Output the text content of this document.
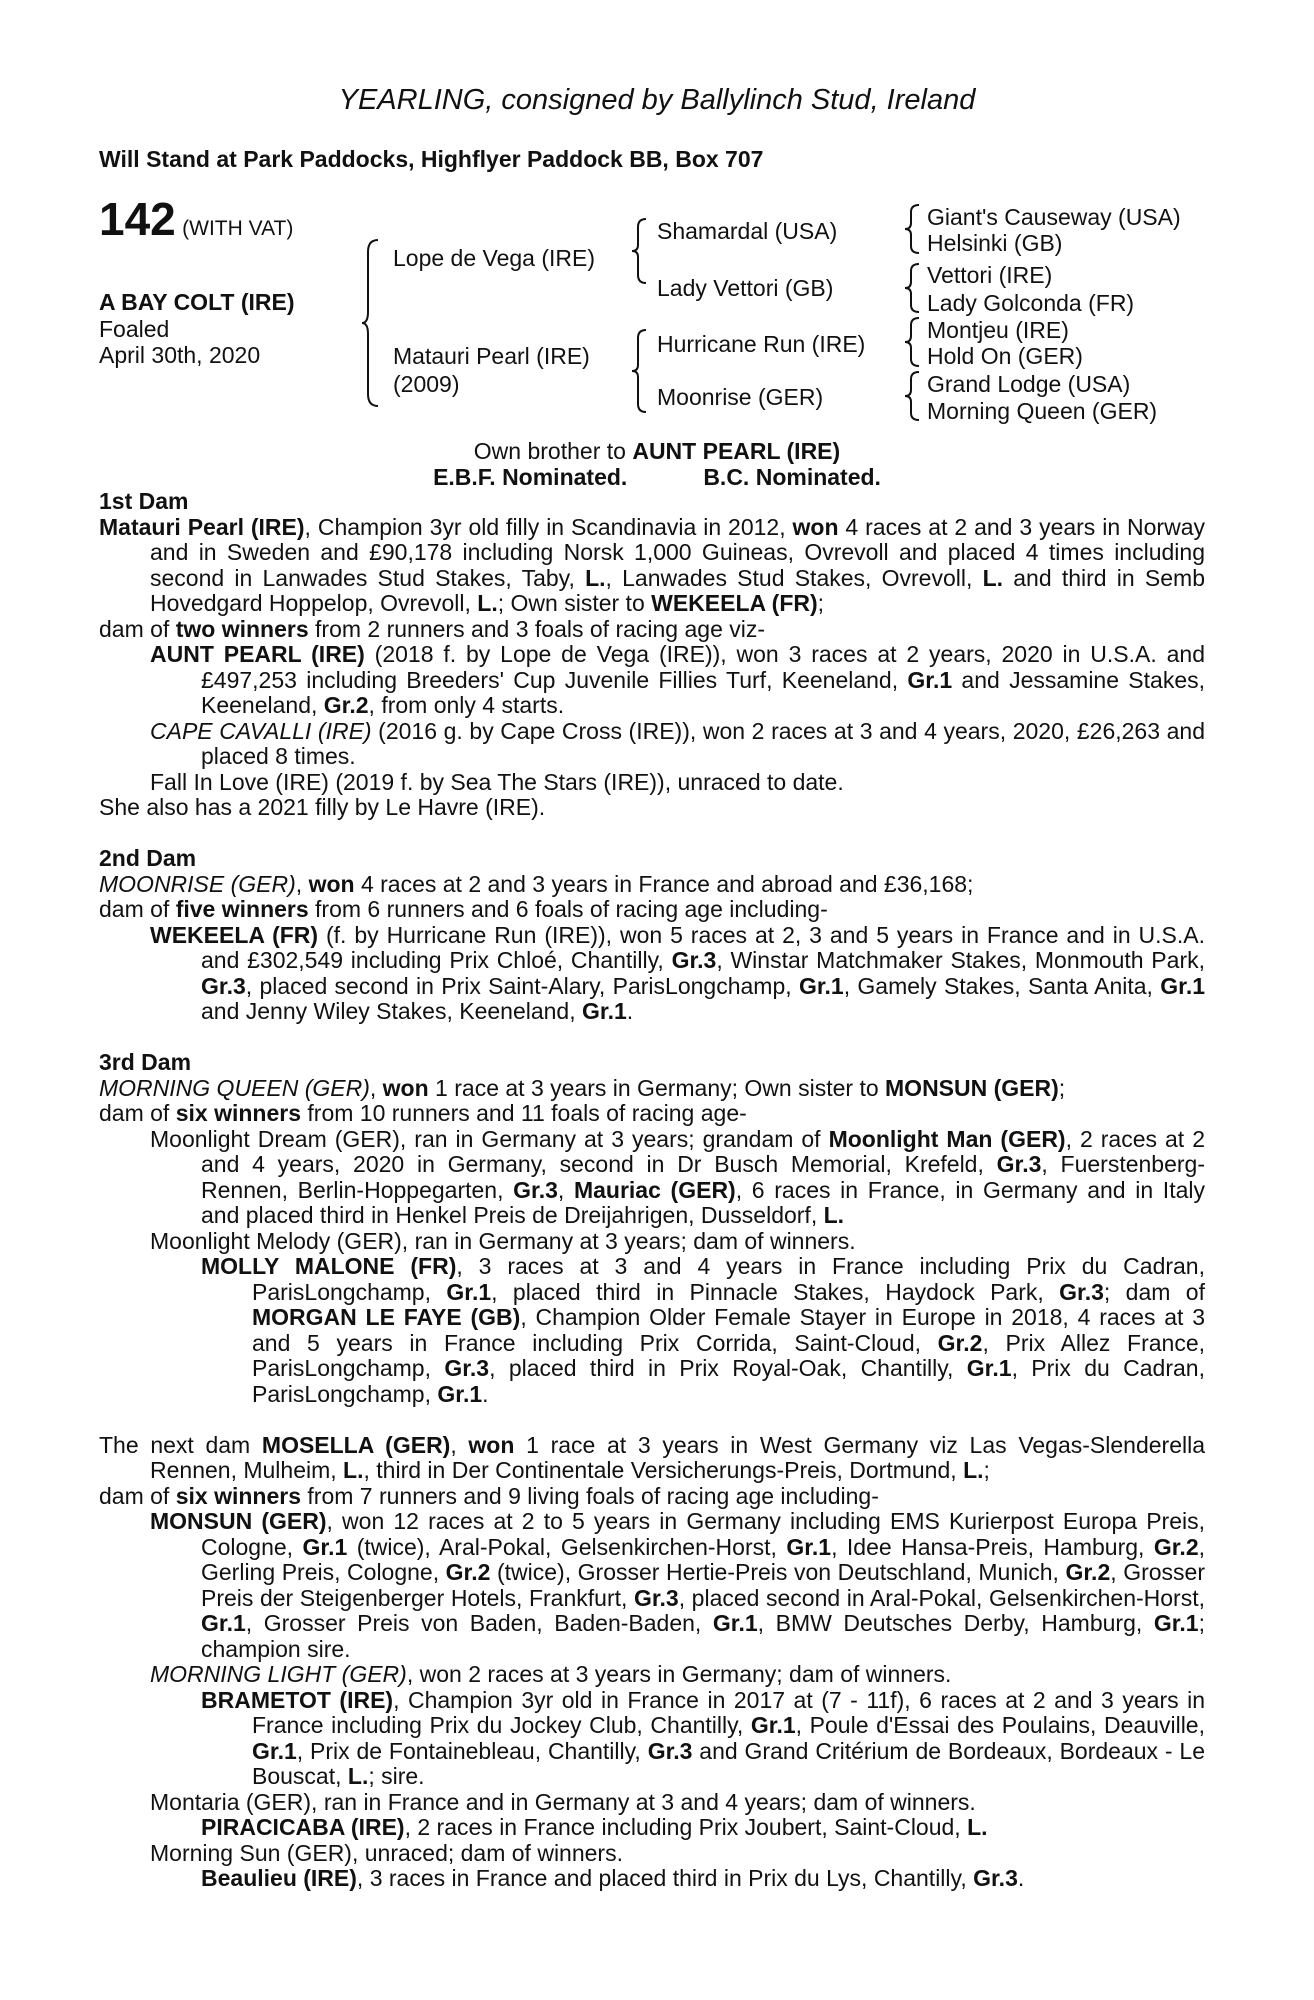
YEARLING, consigned by Ballylinch Stud, Ireland
Will Stand at Park Paddocks, Highflyer Paddock BB, Box 707
142 (WITH VAT)
A BAY COLT (IRE)
Foaled
April 30th, 2020
Lope de Vega (IRE)
Matauri Pearl (IRE)
(2009)
Shamardal (USA)
Lady Vettori (GB)
Hurricane Run (IRE)
Moonrise (GER)
Giant's Causeway (USA)
Helsinki (GB)
Vettori (IRE)
Lady Golconda (FR)
Montjeu (IRE)
Hold On (GER)
Grand Lodge (USA)
Morning Queen (GER)
Own brother to AUNT PEARL (IRE)
E.B.F. Nominated.	B.C. Nominated.
1st Dam
Matauri Pearl (IRE), Champion 3yr old filly in Scandinavia in 2012, won 4 races at 2 and 3 years in Norway and in Sweden and £90,178 including Norsk 1,000 Guineas, Ovrevoll and placed 4 times including second in Lanwades Stud Stakes, Taby, L., Lanwades Stud Stakes, Ovrevoll, L. and third in Semb Hovedgard Hoppelop, Ovrevoll, L.; Own sister to WEKEELA (FR);
dam of two winners from 2 runners and 3 foals of racing age viz-
AUNT PEARL (IRE) (2018 f. by Lope de Vega (IRE)), won 3 races at 2 years, 2020 in U.S.A. and £497,253 including Breeders' Cup Juvenile Fillies Turf, Keeneland, Gr.1 and Jessamine Stakes, Keeneland, Gr.2, from only 4 starts.
CAPE CAVALLI (IRE) (2016 g. by Cape Cross (IRE)), won 2 races at 3 and 4 years, 2020, £26,263 and placed 8 times.
Fall In Love (IRE) (2019 f. by Sea The Stars (IRE)), unraced to date.
She also has a 2021 filly by Le Havre (IRE).
2nd Dam
MOONRISE (GER), won 4 races at 2 and 3 years in France and abroad and £36,168;
dam of five winners from 6 runners and 6 foals of racing age including-
WEKEELA (FR) (f. by Hurricane Run (IRE)), won 5 races at 2, 3 and 5 years in France and in U.S.A. and £302,549 including Prix Chloé, Chantilly, Gr.3, Winstar Matchmaker Stakes, Monmouth Park, Gr.3, placed second in Prix Saint-Alary, ParisLongchamp, Gr.1, Gamely Stakes, Santa Anita, Gr.1 and Jenny Wiley Stakes, Keeneland, Gr.1.
3rd Dam
MORNING QUEEN (GER), won 1 race at 3 years in Germany; Own sister to MONSUN (GER);
dam of six winners from 10 runners and 11 foals of racing age-
Moonlight Dream (GER), ran in Germany at 3 years; grandam of Moonlight Man (GER), 2 races at 2 and 4 years, 2020 in Germany, second in Dr Busch Memorial, Krefeld, Gr.3, Fuerstenberg-Rennen, Berlin-Hoppegarten, Gr.3, Mauriac (GER), 6 races in France, in Germany and in Italy and placed third in Henkel Preis de Dreijahrigen, Dusseldorf, L.
Moonlight Melody (GER), ran in Germany at 3 years; dam of winners.
MOLLY MALONE (FR), 3 races at 3 and 4 years in France including Prix du Cadran, ParisLongchamp, Gr.1, placed third in Pinnacle Stakes, Haydock Park, Gr.3; dam of MORGAN LE FAYE (GB), Champion Older Female Stayer in Europe in 2018, 4 races at 3 and 5 years in France including Prix Corrida, Saint-Cloud, Gr.2, Prix Allez France, ParisLongchamp, Gr.3, placed third in Prix Royal-Oak, Chantilly, Gr.1, Prix du Cadran, ParisLongchamp, Gr.1.
The next dam MOSELLA (GER), won 1 race at 3 years in West Germany viz Las Vegas-Slenderella Rennen, Mulheim, L., third in Der Continentale Versicherungs-Preis, Dortmund, L.;
dam of six winners from 7 runners and 9 living foals of racing age including-
MONSUN (GER), won 12 races at 2 to 5 years in Germany including EMS Kurierpost Europa Preis, Cologne, Gr.1 (twice), Aral-Pokal, Gelsenkirchen-Horst, Gr.1, Idee Hansa-Preis, Hamburg, Gr.2, Gerling Preis, Cologne, Gr.2 (twice), Grosser Hertie-Preis von Deutschland, Munich, Gr.2, Grosser Preis der Steigenberger Hotels, Frankfurt, Gr.3, placed second in Aral-Pokal, Gelsenkirchen-Horst, Gr.1, Grosser Preis von Baden, Baden-Baden, Gr.1, BMW Deutsches Derby, Hamburg, Gr.1; champion sire.
MORNING LIGHT (GER), won 2 races at 3 years in Germany; dam of winners.
BRAMETOT (IRE), Champion 3yr old in France in 2017 at (7 - 11f), 6 races at 2 and 3 years in France including Prix du Jockey Club, Chantilly, Gr.1, Poule d'Essai des Poulains, Deauville, Gr.1, Prix de Fontainebleau, Chantilly, Gr.3 and Grand Critérium de Bordeaux, Bordeaux - Le Bouscat, L.; sire.
Montaria (GER), ran in France and in Germany at 3 and 4 years; dam of winners.
PIRACICABA (IRE), 2 races in France including Prix Joubert, Saint-Cloud, L.
Morning Sun (GER), unraced; dam of winners.
Beaulieu (IRE), 3 races in France and placed third in Prix du Lys, Chantilly, Gr.3.
